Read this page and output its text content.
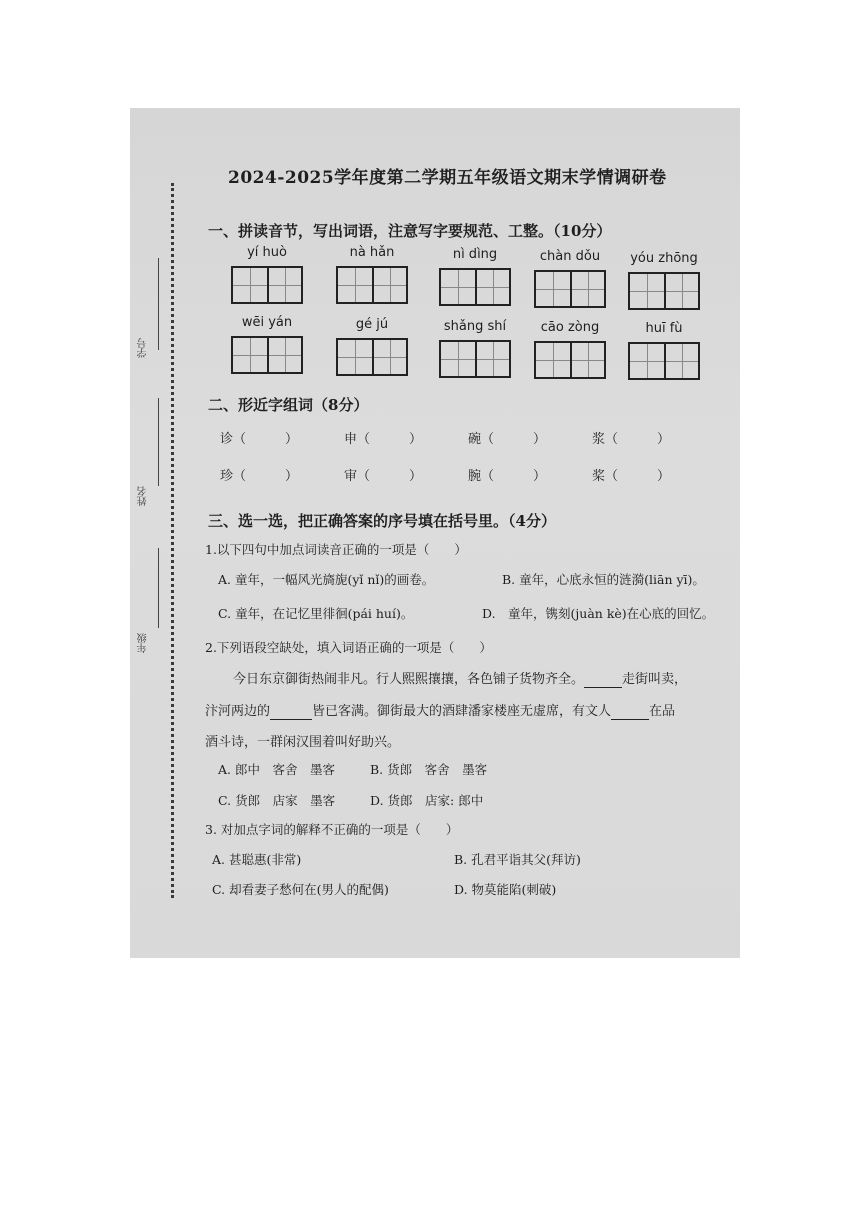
学号
姓名
年级
2024-2025学年度第二学期五年级语文期末学情调研卷
一、拼读音节，写出词语，注意写字要规范、工整。（10分）
yí huò	nà hǎn	nì dìng	chàn dǒu	yóu zhōng
wēi yán	gé jú	shǎng shí	cāo zòng	huī fù
二、形近字组词（8分）
诊（　　　）	申（　　　）	碗（　　　）	浆（　　　）
珍（　　　）	审（　　　）	腕（　　　）	桨（　　　）
三、选一选，把正确答案的序号填在括号里。（4分）
1.以下四句中加点词读音正确的一项是（　　）
A. 童年，一幅风光旖旎(yǐ nǐ)的画卷。	B. 童年，心底永恒的涟漪(liān yī)。
C. 童年，在记忆里徘徊(pái huí)。	D.　童年，镌刻(juàn kè)在心底的回忆。
2.下列语段空缺处，填入词语正确的一项是（　　）
今日东京御街热闹非凡。行人熙熙攘攘，各色铺子货物齐全。	走街叫卖，
汴河两边的	皆已客满。御街最大的酒肆潘家楼座无虚席，有文人	在品
酒斗诗，一群闲汉围着叫好助兴。
A. 郎中　客舍　墨客	B. 货郎　客舍　墨客
C. 货郎　店家　墨客	D. 货郎　店家: 郎中
3. 对加点字词的解释不正确的一项是（　　）
A. 甚聪惠(非常)	B. 孔君平诣其父(拜访)
C. 却看妻子愁何在(男人的配偶)	D. 物莫能陷(刺破)
